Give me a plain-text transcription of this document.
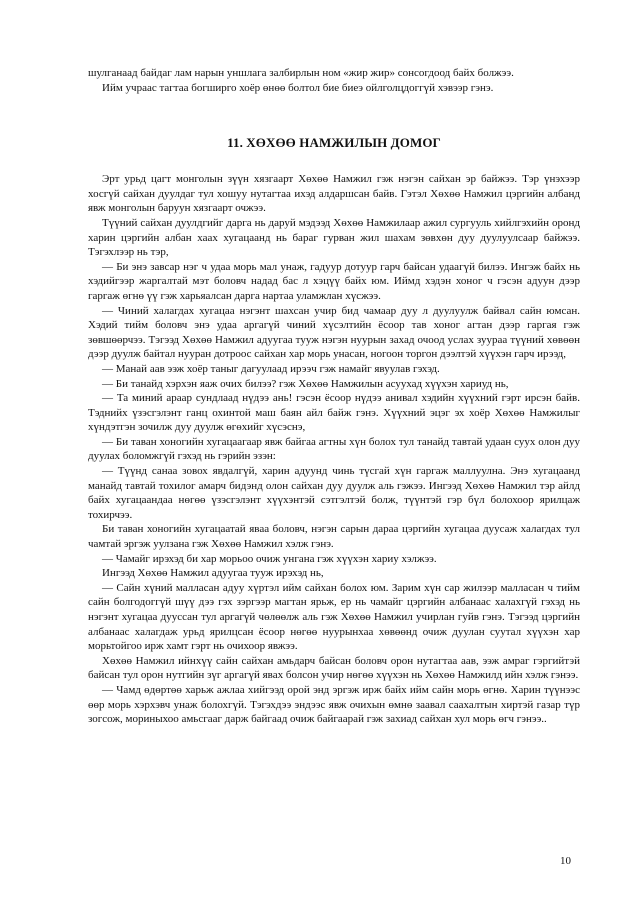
шулганаад байдаг лам нарын уншлага залбирлын ном «жир жир» сонсогдоод байх болжээ.

Ийм учраас тагтаа богширго хоёр өнөө болтол бие биеэ ойлголцдоггүй хэвээр гэнэ.

11. ХӨХӨӨ НАМЖИЛЫН ДОМОГ

Эрт урьд цагт монголын зүүн хязгаарт Хөхөө Намжил гэж нэгэн сайхан эр байжээ. Тэр үнэхээр хосгүй сайхан дуулдаг тул хошуу нутагтаа ихэд алдаршсан байв. Гэтэл Хөхөө Намжил цэргийн албанд явж монголын баруун хязгаарт очжээ.

Түүний сайхан дуулдгийг дарга нь даруй мэдээд Хөхөө Намжилаар ажил сургууль хийлгэхийн оронд харин цэргийн албан хаах хугацаанд нь бараг гурван жил шахам зөвхөн дуу дуулуулсаар байжээ. Тэгэхлээр нь тэр,

— Би энэ завсар нэг ч удаа морь мал унаж, гадуур дотуур гарч байсан удаагүй билээ. Ингэж байх нь хэдийгээр жаргалтай мэт боловч надад бас л хэцүү байх юм. Иймд хэдэн хоног ч гэсэн адуун дээр гаргаж өгнө үү гэж харьяалсан дарга нартаа уламжлан хүсжээ.

— Чиний халагдах хугацаа нэгэнт шахсан учир бид чамаар дуу л дуулуулж байвал сайн юмсан. Хэдий тийм боловч энэ удаа аргагүй чиний хүсэлтийн ёсоор тав хоног агтан дээр гаргая гэж зөвшөөрчээ. Тэгээд Хөхөө Намжил адуугаа тууж нэгэн нуурын захад очоод услах зуураа түүний хөвөөн дээр дуулж байтал нууран дотроос сайхан хар морь унасан, ногоон торгон дээлтэй хүүхэн гарч ирээд,

— Манай аав ээж хоёр таныг дагуулаад ирээч гэж намайг явуулав гэхэд.

— Би танайд хэрхэн яаж очих билээ? гэж Хөхөө Намжилын асуухад хүүхэн хариуд нь,

— Та миний араар сундлаад нүдээ ань! гэсэн ёсоор нүдээ анивал хэдийн хүүхний гэрт ирсэн байв. Тэднийх үзэсгэлэнт ганц охинтой маш баян айл байж гэнэ. Хүүхний эцэг эх хоёр Хөхөө Намжилыг хүндэтгэн зочилж дуу дуулж өгөхийг хүсэснэ,

— Би таван хоногийн хугацаагаар явж байгаа агтны хүн болох тул танайд тавтай удаан суух олон дуу дуулах боломжгүй гэхэд нь гэрийн эзэн:

— Түүнд санаа зовох явдалгүй, харин адуунд чинь түсгай хүн гаргаж маллуулна. Энэ хугацаанд манайд тавтай тохилог амарч бидэнд олон сайхан дуу дуулж аль гэжээ. Ингээд Хөхөө Намжил тэр айлд байх хугацаандаа нөгөө үзэсгэлэнт хүүхэнтэй сэтгэлтэй болж, түүнтэй гэр бүл болохоор ярилцаж тохирчээ.

Би таван хоногийн хугацаатай яваа боловч, нэгэн сарын дараа цэргийн хугацаа дуусаж халагдах тул чамтай эргэж уулзана гэж Хөхөө Намжил хэлж гэнэ.

— Чамайг ирэхэд би хар морьоо очиж унгана гэж хүүхэн хариу хэлжээ.

Ингээд Хөхөө Намжил адуугаа тууж ирэхэд нь,

— Сайн хүний малласан адуу хүртэл ийм сайхан болох юм. Зарим хүн сар жилээр малласан ч тийм сайн болгодоггүй шүү дээ гэх зэргээр магтан ярьж, ер нь чамайг цэргийн албанаас халахгүй гэхэд нь нэгэнт хугацаа дууссан тул аргагүй чөлөөлж аль гэж Хөхөө Намжил учирлан гуйв гэнэ. Тэгээд цэргийн албанаас халагдаж урьд ярилцсан ёсоор нөгөө нуурынхаа хөвөөнд очиж дуулан суутал хүүхэн хар морьтойгоо ирж хамт гэрт нь очихоор явжээ.

Хөхөө Намжил ийнхүү сайн сайхан амьдарч байсан боловч орон нутагтаа аав, ээж амраг гэргийтэй байсан тул орон нутгийн зүг аргагүй явах болсон учир нөгөө хүүхэн нь Хөхөө Намжилд ийн хэлж гэнээ.

— Чамд өдөртөө харьж ажлаа хийгээд орой энд эргэж ирж байх ийм сайн морь өгнө. Харин түүнээс өөр морь хэрхэвч унаж болохгүй. Тэгэхдээ эндээс явж очихын өмнө заавал саахалтын хиртэй газар түр зогсож, мориныхоо амьсгааг дарж байгаад очиж байгаарай гэж захиад сайхан хул морь өгч гэнээ..

10
